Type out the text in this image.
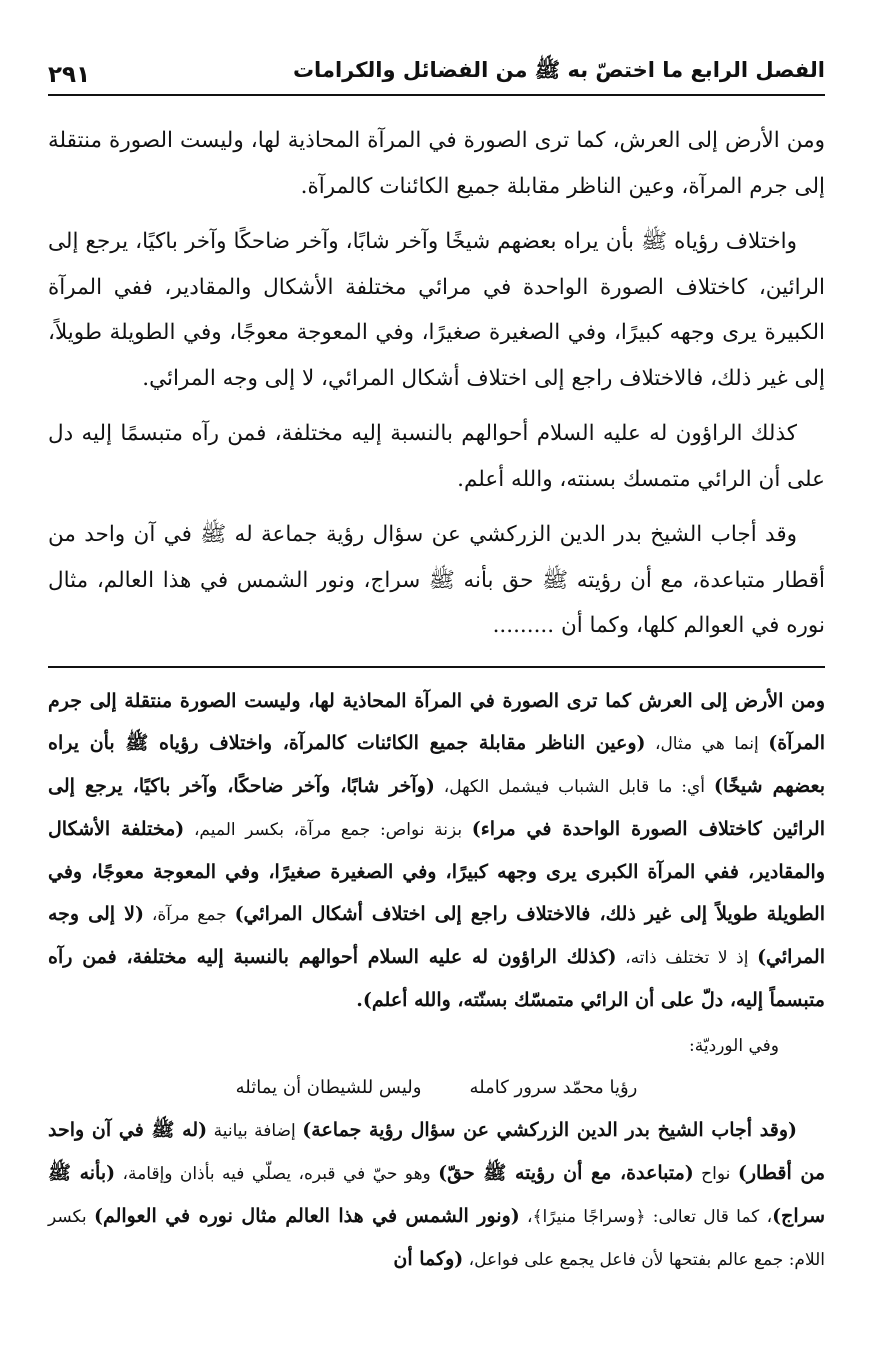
الفصل الرابع ما اختصّ به ﷺ من الفضائل والكرامات
٢٩١

ومن الأرض إلى العرش، كما ترى الصورة في المرآة المحاذية لها، وليست الصورة منتقلة إلى جرم المرآة، وعين الناظر مقابلة جميع الكائنات كالمرآة.

واختلاف رؤياه ﷺ بأن يراه بعضهم شيخًا وآخر شابًا، وآخر ضاحكًا وآخر باكيًا، يرجع إلى الرائين، كاختلاف الصورة الواحدة في مرائي مختلفة الأشكال والمقادير، ففي المرآة الكبيرة يرى وجهه كبيرًا، وفي الصغيرة صغيرًا، وفي المعوجة معوجًا، وفي الطويلة طويلاً، إلى غير ذلك، فالاختلاف راجع إلى اختلاف أشكال المرائي، لا إلى وجه المرائي.

كذلك الراؤون له عليه السلام أحوالهم بالنسبة إليه مختلفة، فمن رآه متبسمًا إليه دل على أن الرائي متمسك بسنته، والله أعلم.

وقد أجاب الشيخ بدر الدين الزركشي عن سؤال رؤية جماعة له ﷺ في آن واحد من أقطار متباعدة، مع أن رؤيته ﷺ حق بأنه ﷺ سراج، ونور الشمس في هذا العالم، مثال نوره في العوالم كلها، وكما أن .........

ومن الأرض إلى العرش كما ترى الصورة في المرآة المحاذية لها، وليست الصورة منتقلة إلى جرم المرآة) إنما هي مثال، (وعين الناظر مقابلة جميع الكائنات كالمرآة، واختلاف رؤياه ﷺ بأن يراه بعضهم شيخًا) أي: ما قابل الشباب فيشمل الكهل، (وآخر شابًا، وآخر ضاحكًا، وآخر باكيًا، يرجع إلى الرائين كاختلاف الصورة الواحدة في مراء) بزنة نواص: جمع مرآة، بكسر الميم، (مختلفة الأشكال والمقادير، ففي المرآة الكبرى يرى وجهه كبيرًا، وفي الصغيرة صغيرًا، وفي المعوجة معوجًا، وفي الطويلة طويلاً إلى غير ذلك، فالاختلاف راجع إلى اختلاف أشكال المرائي) جمع مرآة، (لا إلى وجه المرائي) إذ لا تختلف ذاته، (كذلك الراؤون له عليه السلام أحوالهم بالنسبة إليه مختلفة، فمن رآه متبسماً إليه، دلّ على أن الرائي متمسّك بسنّته، والله أعلم).

وفي الورديّة:

رؤيا محمّد سرور كامله
وليس للشيطان أن يماثله

(وقد أجاب الشيخ بدر الدين الزركشي عن سؤال رؤية جماعة) إضافة بيانية (له ﷺ في آن واحد من أقطار) نواح (متباعدة، مع أن رؤيته ﷺ حقّ) وهو حيّ في قبره، يصلّي فيه بأذان وإقامة، (بأنه ﷺ سراج)، كما قال تعالى: ﴿وسراجًا منيرًا﴾، (ونور الشمس في هذا العالم مثال نوره في العوالم) بكسر اللام: جمع عالم بفتحها لأن فاعل يجمع على فواعل، (وكما أن
